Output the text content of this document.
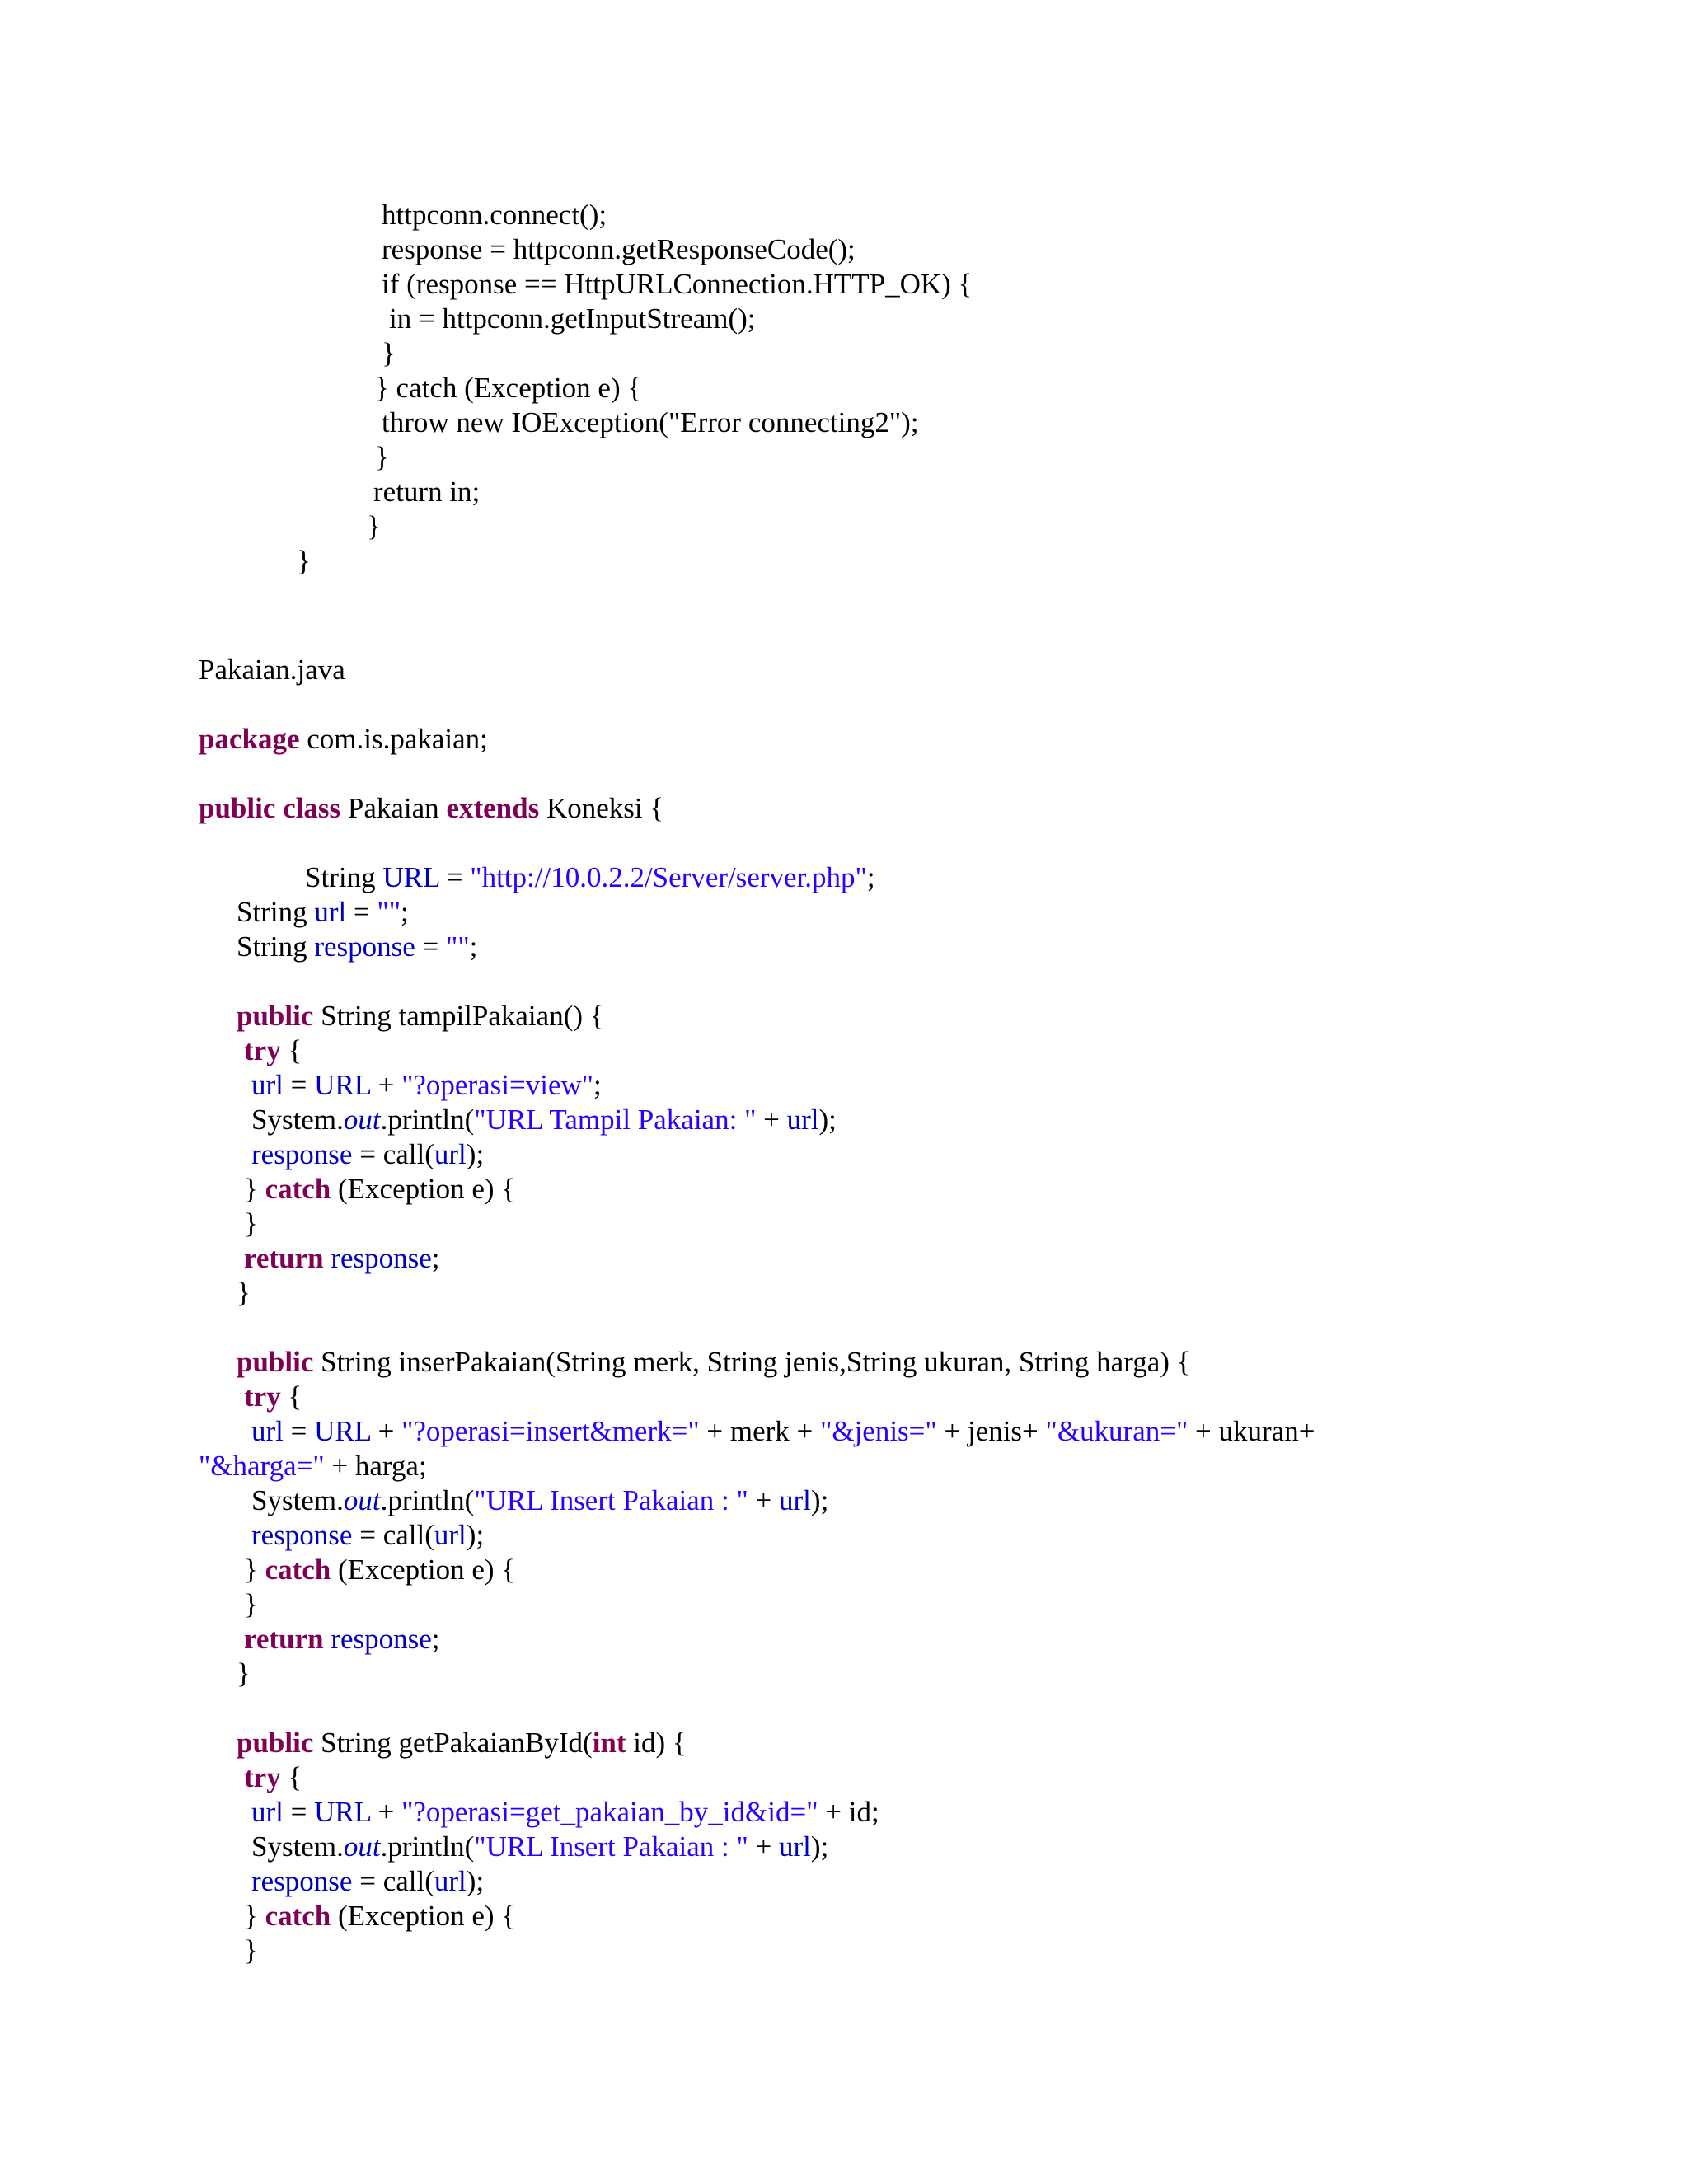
httpconn.connect();

response = httpconn.getResponseCode();

if (response == HttpURLConnection.HTTP_OK) {

in = httpconn.getInputStream();

}

} catch (Exception e) {

throw new IOException("Error connecting2");

}

return in;

}

}

Pakaian.java

package com.is.pakaian;

public class Pakaian extends Koneksi {

String URL = "http://10.0.2.2/Server/server.php";

String url = "";

String response = "";

public String tampilPakaian() {

try {

url = URL + "?operasi=view";

System.out.println("URL Tampil Pakaian: " + url);

response = call(url);

} catch (Exception e) {

}

return response;

}

public String inserPakaian(String merk, String jenis,String ukuran, String harga) {

try {

url = URL + "?operasi=insert&merk=" + merk + "&jenis=" + jenis+ "&ukuran=" + ukuran+

"&harga=" + harga;

System.out.println("URL Insert Pakaian : " + url);

response = call(url);

} catch (Exception e) {

}

return response;

}

public String getPakaianById(int id) {

try {

url = URL + "?operasi=get_pakaian_by_id&id=" + id;

System.out.println("URL Insert Pakaian : " + url);

response = call(url);

} catch (Exception e) {

}
